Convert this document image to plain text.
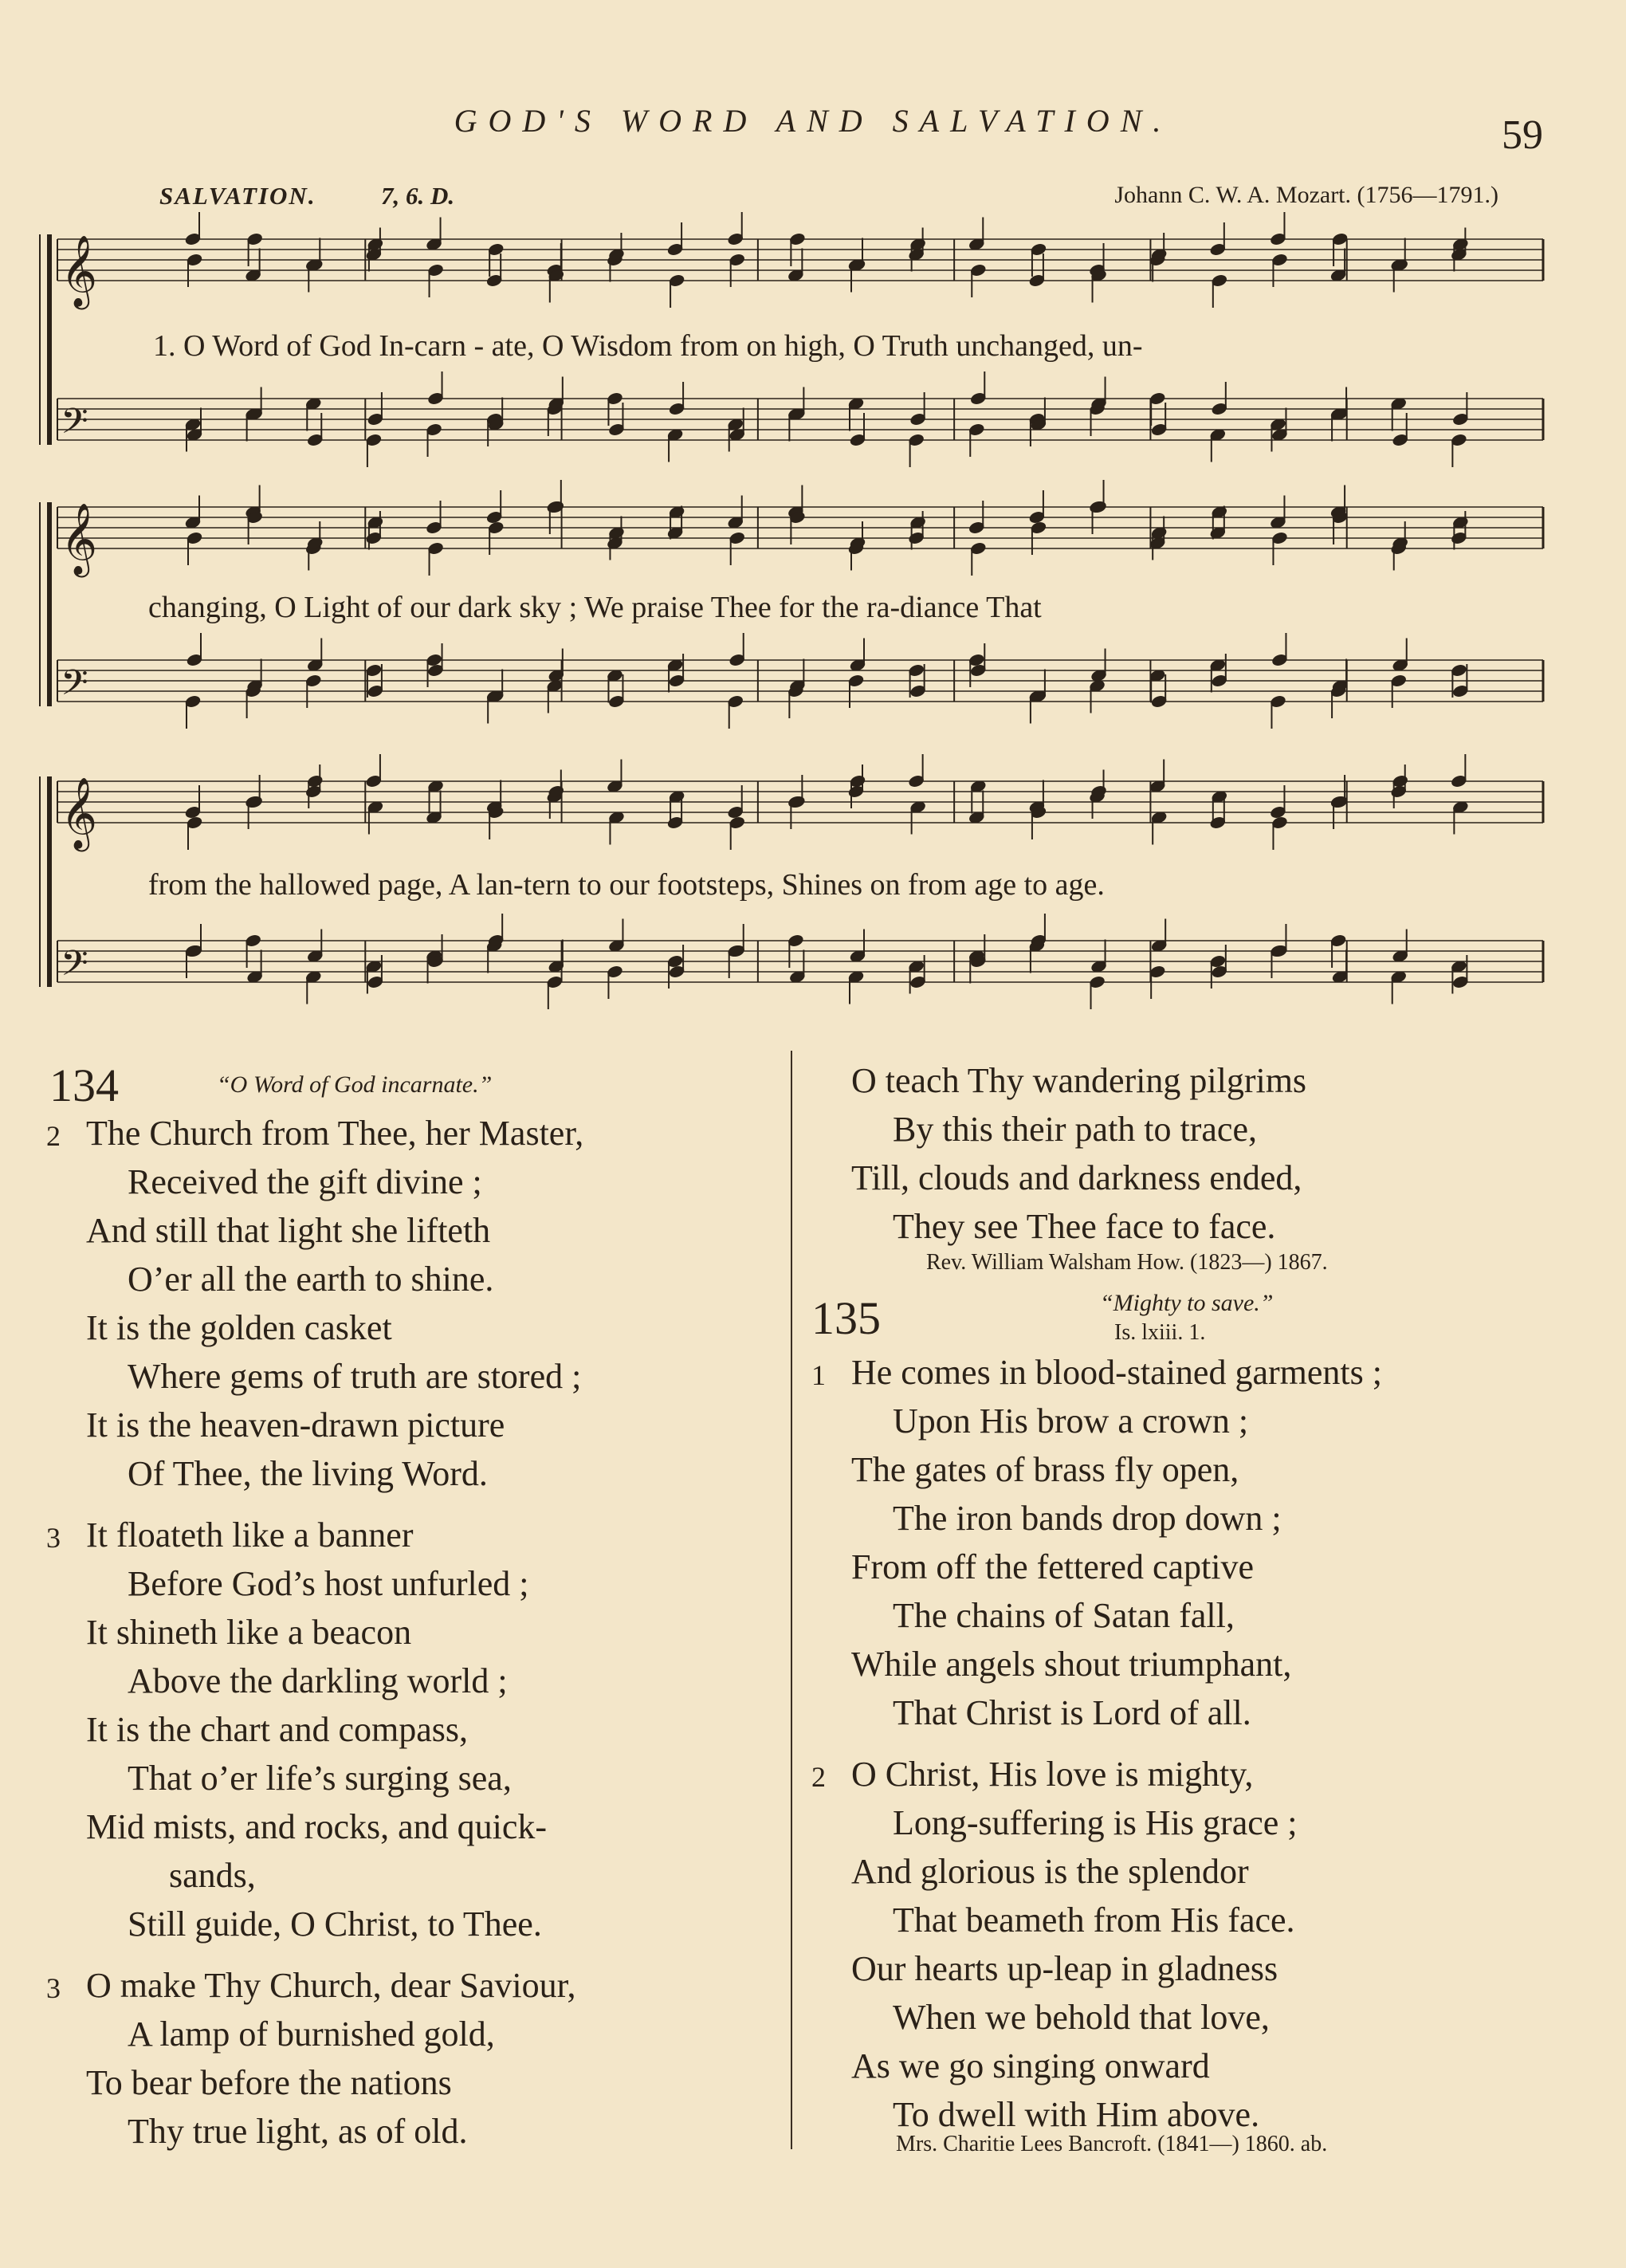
GOD'S WORD AND SALVATION.	59
SALVATION.	7, 6. D.	Johann C. W. A. Mozart. (1756—1791.)
𝄞
𝄢
𝄞
𝄢
𝄞
𝄢
1. O Word of God In-carn - ate, O Wisdom from on high, O Truth unchanged, un-
changing, O Light of our dark sky ; We praise Thee for the ra-diance That
from the hallowed page, A lan-tern to our footsteps, Shines on from age to age.
134	“O Word of God incarnate.”
2 The Church from Thee, her Master,
Received the gift divine ;
And still that light she lifteth
O’er all the earth to shine.
It is the golden casket
Where gems of truth are stored ;
It is the heaven-drawn picture
Of Thee, the living Word.
3 It floateth like a banner
Before God’s host unfurled ;
It shineth like a beacon
Above the darkling world ;
It is the chart and compass,
That o’er life’s surging sea,
Mid mists, and rocks, and quick-
sands,
Still guide, O Christ, to Thee.
3 O make Thy Church, dear Saviour,
A lamp of burnished gold,
To bear before the nations
Thy true light, as of old.
O teach Thy wandering pilgrims
By this their path to trace,
Till, clouds and darkness ended,
They see Thee face to face.
135	“Mighty to save.”
Is. lxiii. 1.
1 He comes in blood-stained garments ;
Upon His brow a crown ;
The gates of brass fly open,
The iron bands drop down ;
From off the fettered captive
The chains of Satan fall,
While angels shout triumphant,
That Christ is Lord of all.
2 O Christ, His love is mighty,
Long-suffering is His grace ;
And glorious is the splendor
That beameth from His face.
Our hearts up-leap in gladness
When we behold that love,
As we go singing onward
To dwell with Him above.
Rev. William Walsham How. (1823—) 1867.
Mrs. Charitie Lees Bancroft. (1841—) 1860. ab.
